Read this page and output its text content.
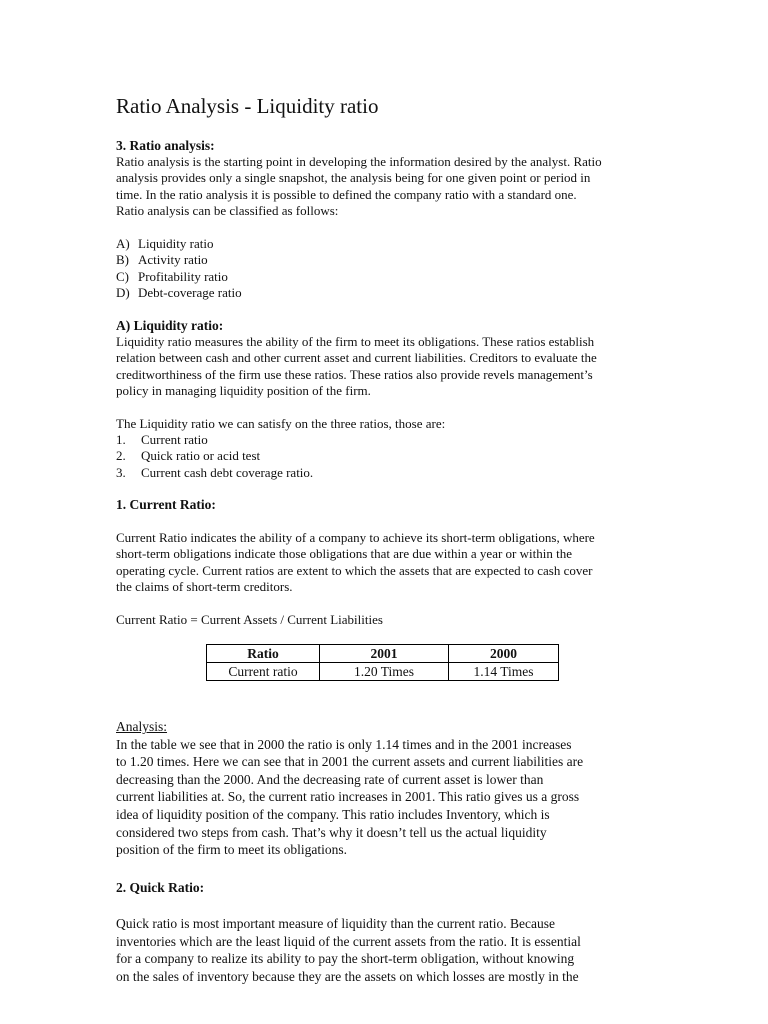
Ratio Analysis - Liquidity ratio
3. Ratio analysis:
Ratio analysis is the starting point in developing the information desired by the analyst. Ratio
analysis provides only a single snapshot, the analysis being for one given point or period in
time. In the ratio analysis it is possible to defined the company ratio with a standard one.
Ratio analysis can be classified as follows:
A) Liquidity ratio
B) Activity ratio
C) Profitability ratio
D) Debt-coverage ratio
A) Liquidity ratio:
Liquidity ratio measures the ability of the firm to meet its obligations. These ratios establish
relation between cash and other current asset and current liabilities. Creditors to evaluate the
creditworthiness of the firm use these ratios. These ratios also provide revels management’s
policy in managing liquidity position of the firm.
The Liquidity ratio we can satisfy on the three ratios, those are:
1. Current ratio
2. Quick ratio or acid test
3. Current cash debt coverage ratio.
1. Current Ratio:
Current Ratio indicates the ability of a company to achieve its short-term obligations, where
short-term obligations indicate those obligations that are due within a year or within the
operating cycle. Current ratios are extent to which the assets that are expected to cash cover
the claims of short-term creditors.
Current Ratio = Current Assets / Current Liabilities
Ratio	2001	2000
Current ratio	1.20 Times	1.14 Times
Analysis:
In the table we see that in 2000 the ratio is only 1.14 times and in the 2001 increases
to 1.20 times. Here we can see that in 2001 the current assets and current liabilities are
decreasing than the 2000. And the decreasing rate of current asset is lower than
current liabilities at. So, the current ratio increases in 2001. This ratio gives us a gross
idea of liquidity position of the company. This ratio includes Inventory, which is
considered two steps from cash. That’s why it doesn’t tell us the actual liquidity
position of the firm to meet its obligations.
2. Quick Ratio:
Quick ratio is most important measure of liquidity than the current ratio. Because
inventories which are the least liquid of the current assets from the ratio. It is essential
for a company to realize its ability to pay the short-term obligation, without knowing
on the sales of inventory because they are the assets on which losses are mostly in the
